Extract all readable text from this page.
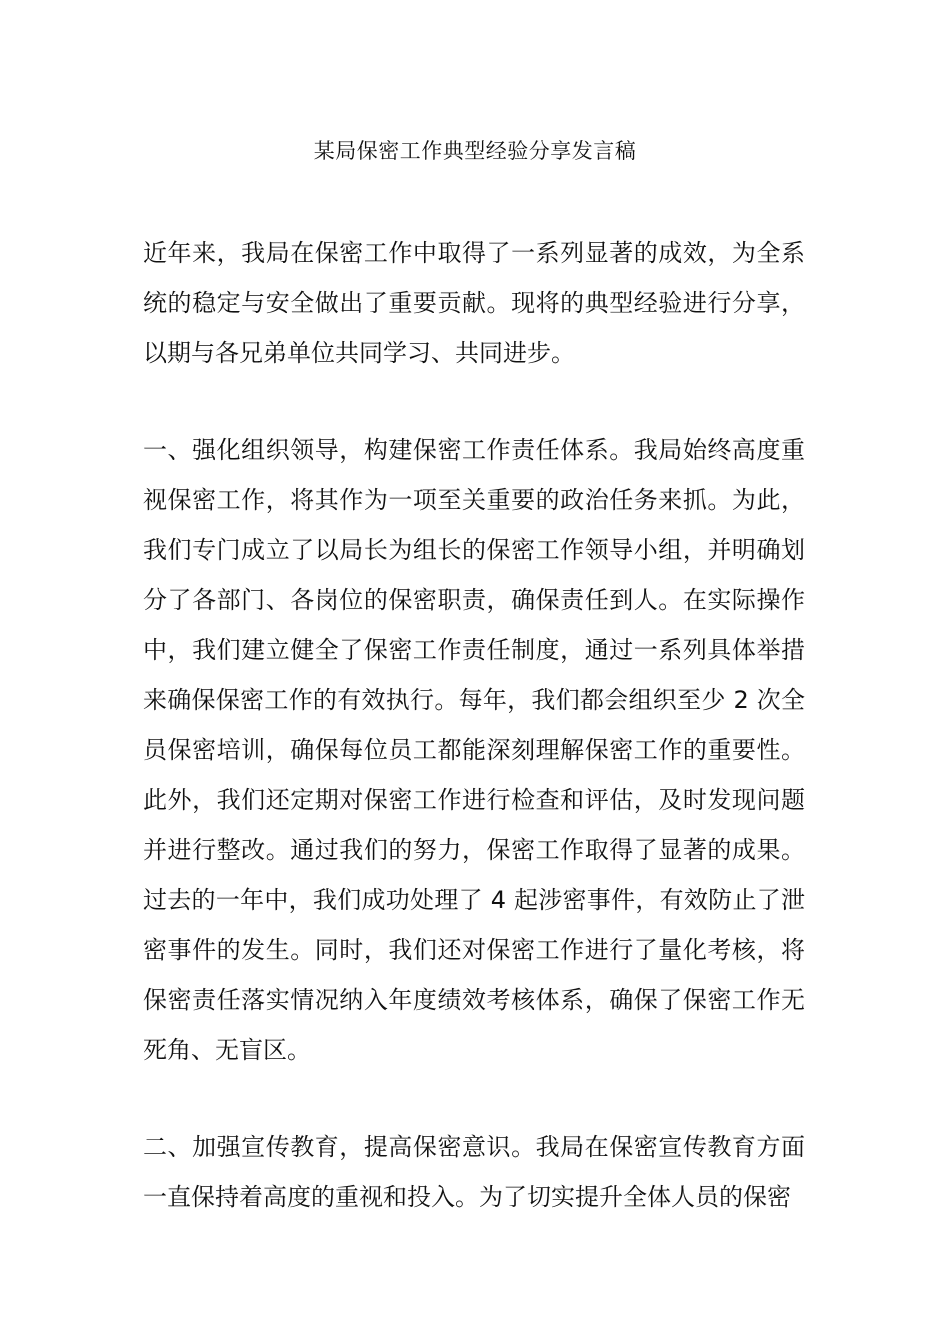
某局保密工作典型经验分享发言稿

近年来，我局在保密工作中取得了一系列显著的成效，为全系统的稳定与安全做出了重要贡献。现将的典型经验进行分享，以期与各兄弟单位共同学习、共同进步。

一、强化组织领导，构建保密工作责任体系。我局始终高度重视保密工作，将其作为一项至关重要的政治任务来抓。为此，我们专门成立了以局长为组长的保密工作领导小组，并明确划分了各部门、各岗位的保密职责，确保责任到人。在实际操作中，我们建立健全了保密工作责任制度，通过一系列具体举措来确保保密工作的有效执行。每年，我们都会组织至少 2 次全员保密培训，确保每位员工都能深刻理解保密工作的重要性。此外，我们还定期对保密工作进行检查和评估，及时发现问题并进行整改。通过我们的努力，保密工作取得了显著的成果。过去的一年中，我们成功处理了 4 起涉密事件，有效防止了泄密事件的发生。同时，我们还对保密工作进行了量化考核，将保密责任落实情况纳入年度绩效考核体系，确保了保密工作无死角、无盲区。

二、加强宣传教育，提高保密意识。我局在保密宣传教育方面一直保持着高度的重视和投入。为了切实提升全体人员的保密
